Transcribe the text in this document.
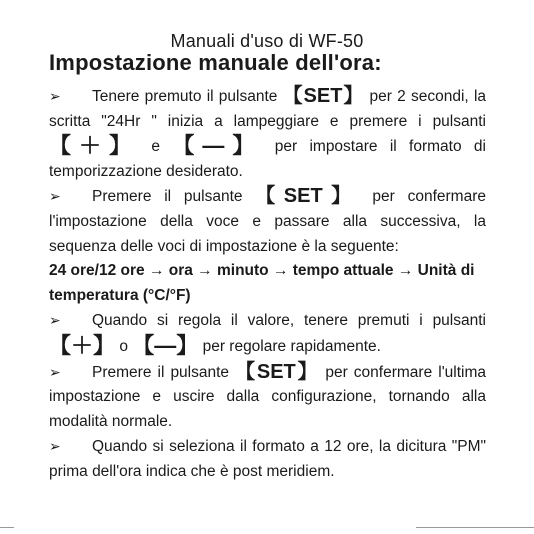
Manuali d'uso di WF-50
Impostazione manuale dell'ora:
➢ Tenere premuto il pulsante 【SET】 per 2 secondi, la scritta "24Hr " inizia a lampeggiare e premere i pulsanti 【＋】 e 【—】 per impostare il formato di temporizzazione desiderato.
➢ Premere il pulsante 【SET】 per confermare l'impostazione della voce e passare alla successiva, la sequenza delle voci di impostazione è la seguente:
24 ore/12 ore → ora → minuto → tempo attuale → Unità di temperatura (°C/°F)
➢ Quando si regola il valore, tenere premuti i pulsanti 【＋】 o 【—】 per regolare rapidamente.
➢ Premere il pulsante 【SET】 per confermare l'ultima impostazione e uscire dalla configurazione, tornando alla modalità normale.
➢ Quando si seleziona il formato a 12 ore, la dicitura "PM" prima dell'ora indica che è post meridiem.
